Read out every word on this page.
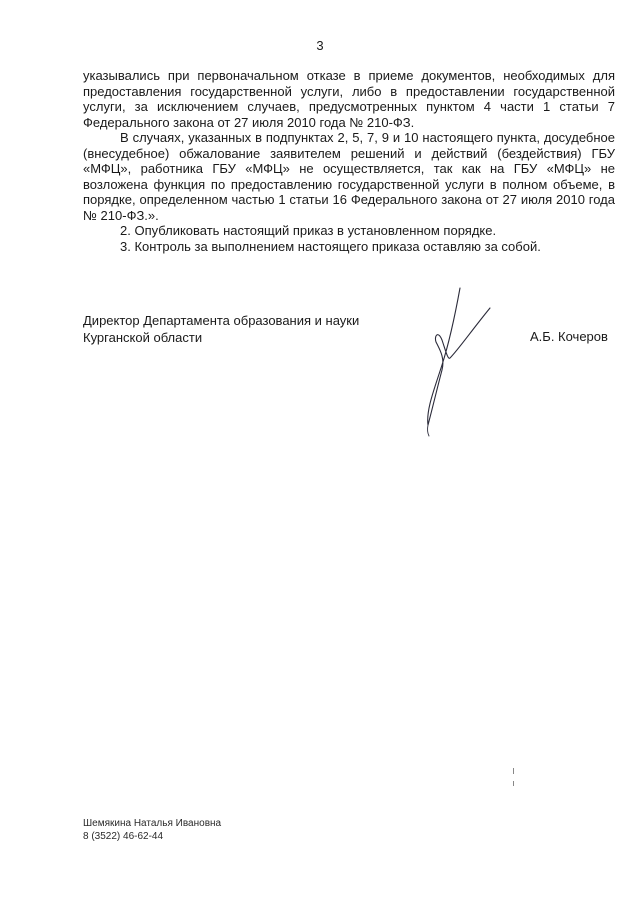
3

указывались при первоначальном отказе в приеме документов, необходимых для предоставления государственной услуги, либо в предоставлении государственной услуги, за исключением случаев, предусмотренных пунктом 4 части 1 статьи 7 Федерального закона от 27 июля 2010 года № 210-ФЗ.

В случаях, указанных в подпунктах 2, 5, 7, 9 и 10 настоящего пункта, досудебное (внесудебное) обжалование заявителем решений и действий (бездействия) ГБУ «МФЦ», работника ГБУ «МФЦ» не осуществляется, так как на ГБУ «МФЦ» не возложена функция по предоставлению государственной услуги в полном объеме, в порядке, определенном частью 1 статьи 16 Федерального закона от 27 июля 2010 года № 210-ФЗ.».

2. Опубликовать настоящий приказ в установленном порядке.

3. Контроль за выполнением настоящего приказа оставляю за собой.

Директор Департамента образования и науки
Курганской области	А.Б. Кочеров
Шемякина Наталья Ивановна
8 (3522) 46-62-44
